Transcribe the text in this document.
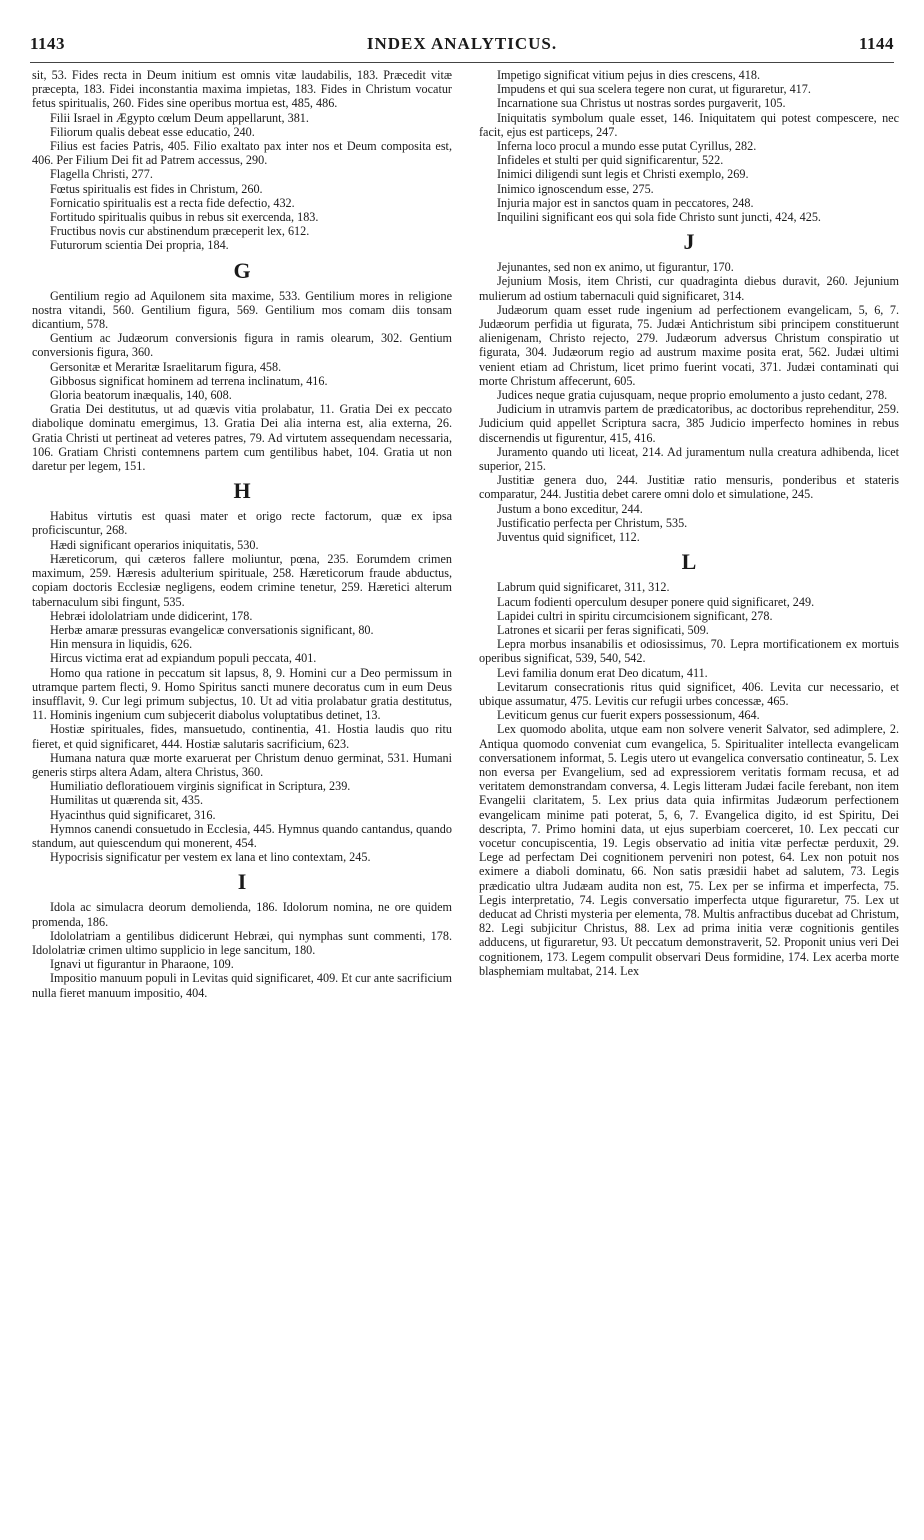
1143	INDEX ANALYTICUS.	1144

sit, 53. Fides recta in Deum initium est omnis vitæ laudabilis, 183. Præcedit vitæ præcepta, 183. Fidei inconstantia maxima impietas, 183. Fides in Christum vocatur fetus spiritualis, 260. Fides sine operibus mortua est, 485, 486.

Filii Israel in Ægypto cœlum Deum appellarunt, 381.

Filiorum qualis debeat esse educatio, 240.

Filius est facies Patris, 405. Filio exaltato pax inter nos et Deum composita est, 406. Per Filium Dei fit ad Patrem accessus, 290.

Flagella Christi, 277.

Fœtus spiritualis est fides in Christum, 260.

Fornicatio spiritualis est a recta fide defectio, 432.

Fortitudo spiritualis quibus in rebus sit exercenda, 183.

Fructibus novis cur abstinendum præceperit lex, 612.

Futurorum scientia Dei propria, 184.

G

Gentilium regio ad Aquilonem sita maxime, 533. Gentilium mores in religione nostra vitandi, 560. Gentilium figura, 569. Gentilium mos comam diis tonsam dicantium, 578.

Gentium ac Judæorum conversionis figura in ramis olearum, 302. Gentium conversionis figura, 360.

Gersonitæ et Meraritæ Israelitarum figura, 458.

Gibbosus significat hominem ad terrena inclinatum, 416.

Gloria beatorum inæqualis, 140, 608.

Gratia Dei destitutus, ut ad quævis vitia prolabatur, 11. Gratia Dei ex peccato diabolique dominatu emergimus, 13. Gratia Dei alia interna est, alia externa, 26. Gratia Christi ut pertineat ad veteres patres, 79. Ad virtutem assequendam necessaria, 106. Gratiam Christi contemnens partem cum gentilibus habet, 104. Gratia ut non daretur per legem, 151.

H

Habitus virtutis est quasi mater et origo recte factorum, quæ ex ipsa proficiscuntur, 268.

Hædi significant operarios iniquitatis, 530.

Hæreticorum, qui cæteros fallere moliuntur, pœna, 235. Eorumdem crimen maximum, 259. Hæresis adulterium spirituale, 258. Hæreticorum fraude abductus, copiam doctoris Ecclesiæ negligens, eodem crimine tenetur, 259. Hæretici alterum tabernaculum sibi fingunt, 535.

Hebræi idololatriam unde didicerint, 178.

Herbæ amaræ pressuras evangelicæ conversationis significant, 80.

Hin mensura in liquidis, 626.

Hircus victima erat ad expiandum populi peccata, 401.

Homo qua ratione in peccatum sit lapsus, 8, 9. Homini cur a Deo permissum in utramque partem flecti, 9. Homo Spiritus sancti munere decoratus cum in eum Deus insufflavit, 9. Cur legi primum subjectus, 10. Ut ad vitia prolabatur gratia destitutus, 11. Hominis ingenium cum subjecerit diabolus voluptatibus detinet, 13.

Hostiæ spirituales, fides, mansuetudo, continentia, 41. Hostia laudis quo ritu fieret, et quid significaret, 444. Hostiæ salutaris sacrificium, 623.

Humana natura quæ morte exaruerat per Christum denuo germinat, 531. Humani generis stirps altera Adam, altera Christus, 360.

Humiliatio defloratiouem virginis significat in Scriptura, 239.

Humilitas ut quærenda sit, 435.

Hyacinthus quid significaret, 316.

Hymnos canendi consuetudo in Ecclesia, 445. Hymnus quando cantandus, quando standum, aut quiescendum qui monerent, 454.

Hypocrisis significatur per vestem ex lana et lino contextam, 245.

I

Idola ac simulacra deorum demolienda, 186. Idolorum nomina, ne ore quidem promenda, 186.

Idololatriam a gentilibus didicerunt Hebræi, qui nymphas sunt commenti, 178. Idololatriæ crimen ultimo supplicio in lege sancitum, 180.

Ignavi ut figurantur in Pharaone, 109.

Impositio manuum populi in Levitas quid significaret, 409. Et cur ante sacrificium nulla fieret manuum impositio, 404.

Impetigo significat vitium pejus in dies crescens, 418.

Impudens et qui sua scelera tegere non curat, ut figuraretur, 417.

Incarnatione sua Christus ut nostras sordes purgaverit, 105.

Iniquitatis symbolum quale esset, 146. Iniquitatem qui potest compescere, nec facit, ejus est particeps, 247.

Inferna loco procul a mundo esse putat Cyrillus, 282.

Infideles et stulti per quid significarentur, 522.

Inimici diligendi sunt legis et Christi exemplo, 269.

Inimico ignoscendum esse, 275.

Injuria major est in sanctos quam in peccatores, 248.

Inquilini significant eos qui sola fide Christo sunt juncti, 424, 425.

J

Jejunantes, sed non ex animo, ut figurantur, 170.

Jejunium Mosis, item Christi, cur quadraginta diebus duravit, 260. Jejunium mulierum ad ostium tabernaculi quid significaret, 314.

Judæorum quam esset rude ingenium ad perfectionem evangelicam, 5, 6, 7. Judæorum perfidia ut figurata, 75. Judæi Antichristum sibi principem constituerunt alienigenam, Christo rejecto, 279. Judæorum adversus Christum conspiratio ut figurata, 304. Judæorum regio ad austrum maxime posita erat, 562. Judæi ultimi venient etiam ad Christum, licet primo fuerint vocati, 371. Judæi contaminati qui morte Christum affecerunt, 605.

Judices neque gratia cujusquam, neque proprio emolumento a justo cedant, 278.

Judicium in utramvis partem de prædicatoribus, ac doctoribus reprehenditur, 259. Judicium quid appellet Scriptura sacra, 385 Judicio imperfecto homines in rebus discernendis ut figurentur, 415, 416.

Juramento quando uti liceat, 214. Ad juramentum nulla creatura adhibenda, licet superior, 215.

Justitiæ genera duo, 244. Justitiæ ratio mensuris, ponderibus et stateris comparatur, 244. Justitia debet carere omni dolo et simulatione, 245.

Justum a bono exceditur, 244.

Justificatio perfecta per Christum, 535.

Juventus quid significet, 112.

L

Labrum quid significaret, 311, 312.

Lacum fodienti operculum desuper ponere quid significaret, 249.

Lapidei cultri in spiritu circumcisionem significant, 278.

Latrones et sicarii per feras significati, 509.

Lepra morbus insanabilis et odiosissimus, 70. Lepra mortificationem ex mortuis operibus significat, 539, 540, 542.

Levi familia donum erat Deo dicatum, 411.

Levitarum consecrationis ritus quid significet, 406. Levita cur necessario, et ubique assumatur, 475. Levitis cur refugii urbes concessæ, 465.

Leviticum genus cur fuerit expers possessionum, 464.

Lex quomodo abolita, utque eam non solvere venerit Salvator, sed adimplere, 2. Antiqua quomodo conveniat cum evangelica, 5. Spiritualiter intellecta evangelicam conversationem informat, 5. Legis utero ut evangelica conversatio contineatur, 5. Lex non eversa per Evangelium, sed ad expressiorem veritatis formam recusa, et ad veritatem demonstrandam conversa, 4. Legis litteram Judæi facile ferebant, non item Evangelii claritatem, 5. Lex prius data quia infirmitas Judæorum perfectionem evangelicam minime pati poterat, 5, 6, 7. Evangelica digito, id est Spiritu, Dei descripta, 7. Primo homini data, ut ejus superbiam coerceret, 10. Lex peccati cur vocetur concupiscentia, 19. Legis observatio ad initia vitæ perfectæ perduxit, 29. Lege ad perfectam Dei cognitionem perveniri non potest, 64. Lex non potuit nos eximere a diaboli dominatu, 66. Non satis præsidii habet ad salutem, 73. Legis prædicatio ultra Judæam audita non est, 75. Lex per se infirma et imperfecta, 75. Legis interpretatio, 74. Legis conversatio imperfecta utque figuraretur, 75. Lex ut deducat ad Christi mysteria per elementa, 78. Multis anfractibus ducebat ad Christum, 82. Legi subjicitur Christus, 88. Lex ad prima initia veræ cognitionis gentiles adducens, ut figuraretur, 93. Ut peccatum demonstraverit, 52. Proponit unius veri Dei cognitionem, 173. Legem compulit observari Deus formidine, 174. Lex acerba morte blasphemiam multabat, 214. Lex
